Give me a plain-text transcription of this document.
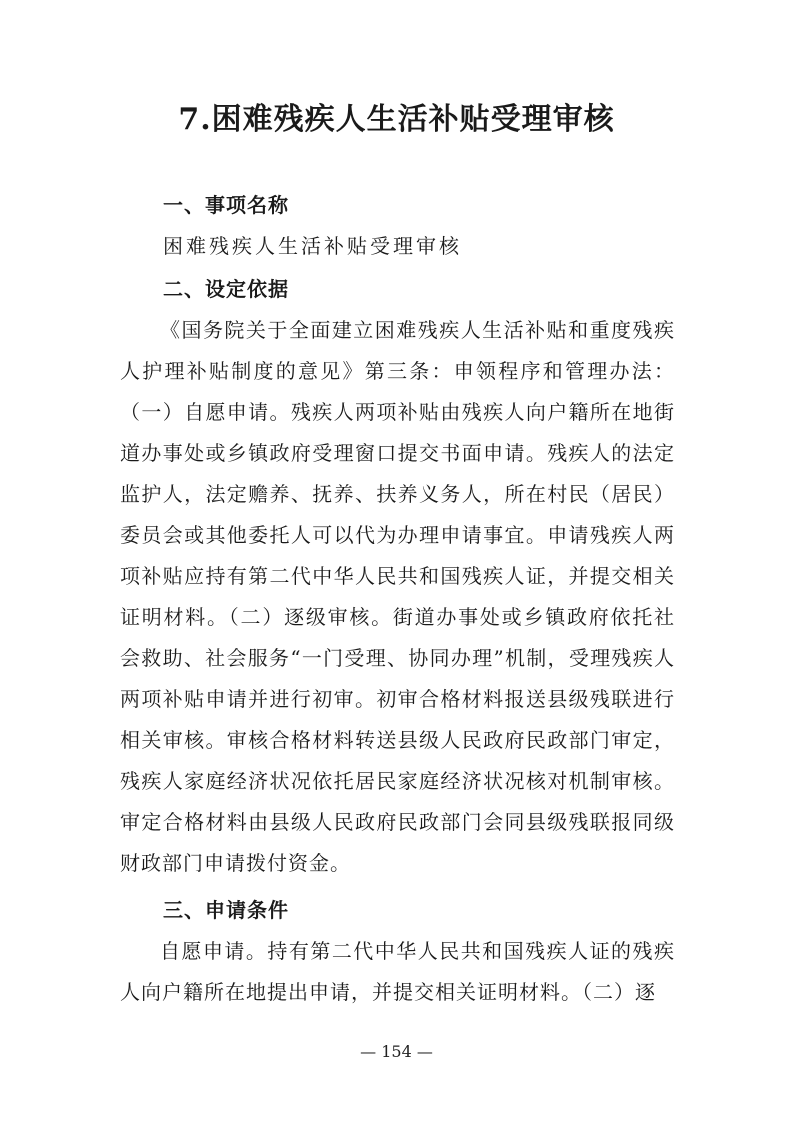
7.困难残疾人生活补贴受理审核
一、事项名称

困难残疾人生活补贴受理审核

二、设定依据

《国务院关于全面建立困难残疾人生活补贴和重度残疾人护理补贴制度的意见》第三条：申领程序和管理办法：（一）自愿申请。残疾人两项补贴由残疾人向户籍所在地街道办事处或乡镇政府受理窗口提交书面申请。残疾人的法定监护人，法定赡养、抚养、扶养义务人，所在村民（居民）委员会或其他委托人可以代为办理申请事宜。申请残疾人两项补贴应持有第二代中华人民共和国残疾人证，并提交相关证明材料。（二）逐级审核。街道办事处或乡镇政府依托社会救助、社会服务“一门受理、协同办理”机制，受理残疾人两项补贴申请并进行初审。初审合格材料报送县级残联进行相关审核。审核合格材料转送县级人民政府民政部门审定，残疾人家庭经济状况依托居民家庭经济状况核对机制审核。审定合格材料由县级人民政府民政部门会同县级残联报同级财政部门申请拨付资金。

三、申请条件

自愿申请。持有第二代中华人民共和国残疾人证的残疾人向户籍所在地提出申请，并提交相关证明材料。（二）逐

— 154 —
